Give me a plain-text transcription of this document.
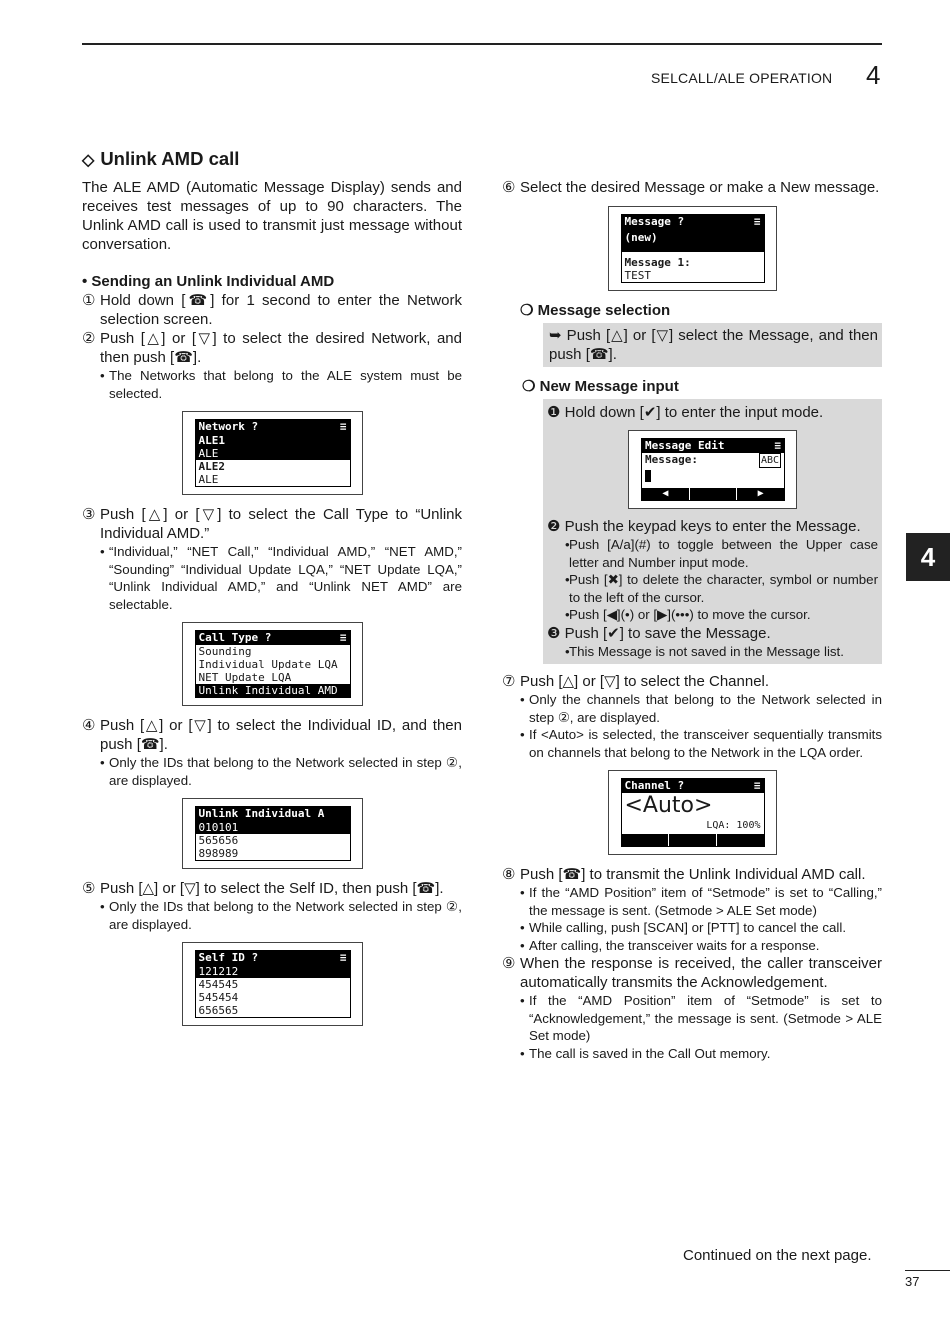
SELCALL/ALE OPERATION 4
4
◇ Unlink AMD call

The ALE AMD (Automatic Message Display) sends and receives test messages of up to 90 characters. The Unlink AMD call is used to transmit just message without conversation.

• Sending an Unlink Individual AMD

① Hold down [☎] for 1 second to enter the Network selection screen.
② Push [△] or [▽] to select the desired Network, and then push [☎].
• The Networks that belong to the ALE system must be selected.
Network ?	≡
ALE1
ALE
ALE2
ALE
③ Push [△] or [▽] to select the Call Type to “Unlink Individual AMD.”
• “Individual,” “NET Call,” “Individual AMD,” “NET AMD,” “Sounding” “Individual Update LQA,” “NET Update LQA,” “Unlink Individual AMD,” and “Unlink NET AMD” are selectable.
Call Type ?	≡
Sounding
Individual Update LQA
NET Update LQA
Unlink Individual AMD
④ Push [△] or [▽] to select the Individual ID, and then push [☎].
• Only the IDs that belong to the Network selected in step ②, are displayed.
Unlink Individual A
010101
565656
898989
⑤ Push [△] or [▽] to select the Self ID, then push [☎].
• Only the IDs that belong to the Network selected in step ②, are displayed.
Self ID ?	≡
121212
454545
545454
656565
⑥ Select the desired Message or make a New message.
Message ?	≡
(new)
Message 1:
TEST

❍ Message selection

➥ Push [△] or [▽] select the Message, and then push [☎].

❍ New Message input

❶ Hold down [✔] to enter the input mode.
Message Edit	≡
Message:	ABC
◀	▶
❷ Push the keypad keys to enter the Message.
• Push [A/a](#) to toggle between the Upper case letter and Number input mode.
• Push [✖] to delete the character, symbol or number to the left of the cursor.
• Push [◀](•) or [▶](•••) to move the cursor.
❸ Push [✔] to save the Message.
• This Message is not saved in the Message list.
⑦ Push [△] or [▽] to select the Channel.
• Only the channels that belong to the Network selected in step ②, are displayed.
• If <Auto> is selected, the transceiver sequentially transmits on channels that belong to the Network in the LQA order.
Channel ?	≡
<Auto>
LQA: 100%
⑧ Push [☎] to transmit the Unlink Individual AMD call.
• If the “AMD Position” item of “Setmode” is set to “Calling,” the message is sent. (Setmode > ALE Set mode)
• While calling, push [SCAN] or [PTT] to cancel the call.
• After calling, the transceiver waits for a response.
⑨ When the response is received, the caller transceiver automatically transmits the Acknowledgement.
• If the “AMD Position” item of “Setmode” is set to “Acknowledgement,” the message is sent. (Setmode > ALE Set mode)
• The call is saved in the Call Out memory.
Continued on the next page.
37
